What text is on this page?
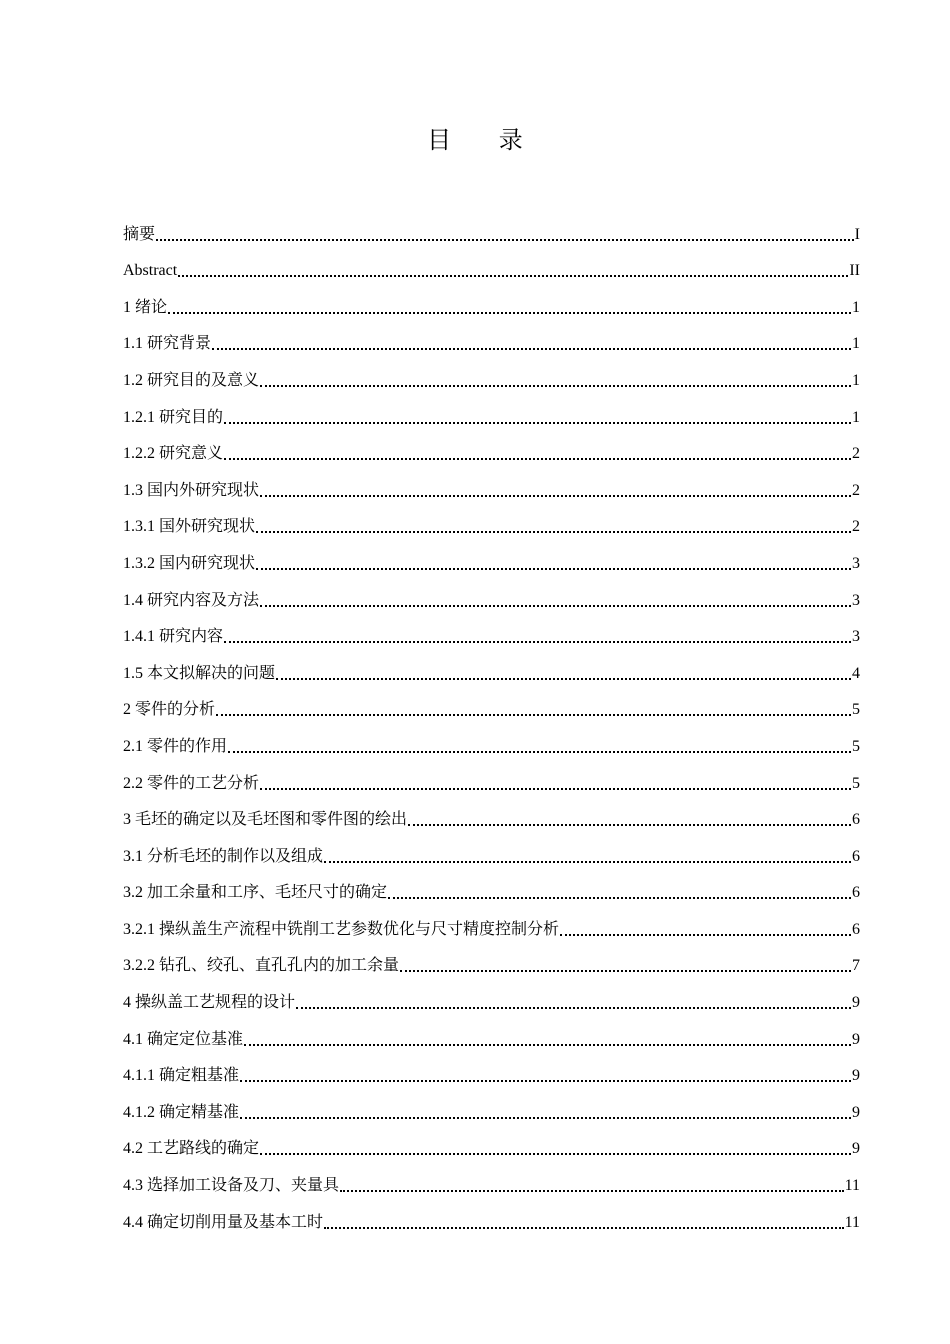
目 录
摘要	I
Abstract	II
1 绪论	1
1.1 研究背景	1
1.2 研究目的及意义	1
1.2.1 研究目的	1
1.2.2 研究意义	2
1.3 国内外研究现状	2
1.3.1 国外研究现状	2
1.3.2 国内研究现状	3
1.4 研究内容及方法	3
1.4.1 研究内容	3
1.5 本文拟解决的问题	4
2 零件的分析	5
2.1 零件的作用	5
2.2 零件的工艺分析	5
3 毛坯的确定以及毛坯图和零件图的绘出	6
3.1 分析毛坯的制作以及组成	6
3.2 加工余量和工序、毛坯尺寸的确定	6
3.2.1 操纵盖生产流程中铣削工艺参数优化与尺寸精度控制分析	6
3.2.2 钻孔、绞孔、直孔孔内的加工余量	7
4 操纵盖工艺规程的设计	9
4.1 确定定位基准	9
4.1.1 确定粗基准	9
4.1.2 确定精基准	9
4.2 工艺路线的确定	9
4.3 选择加工设备及刀、夹量具	11
4.4 确定切削用量及基本工时	11
